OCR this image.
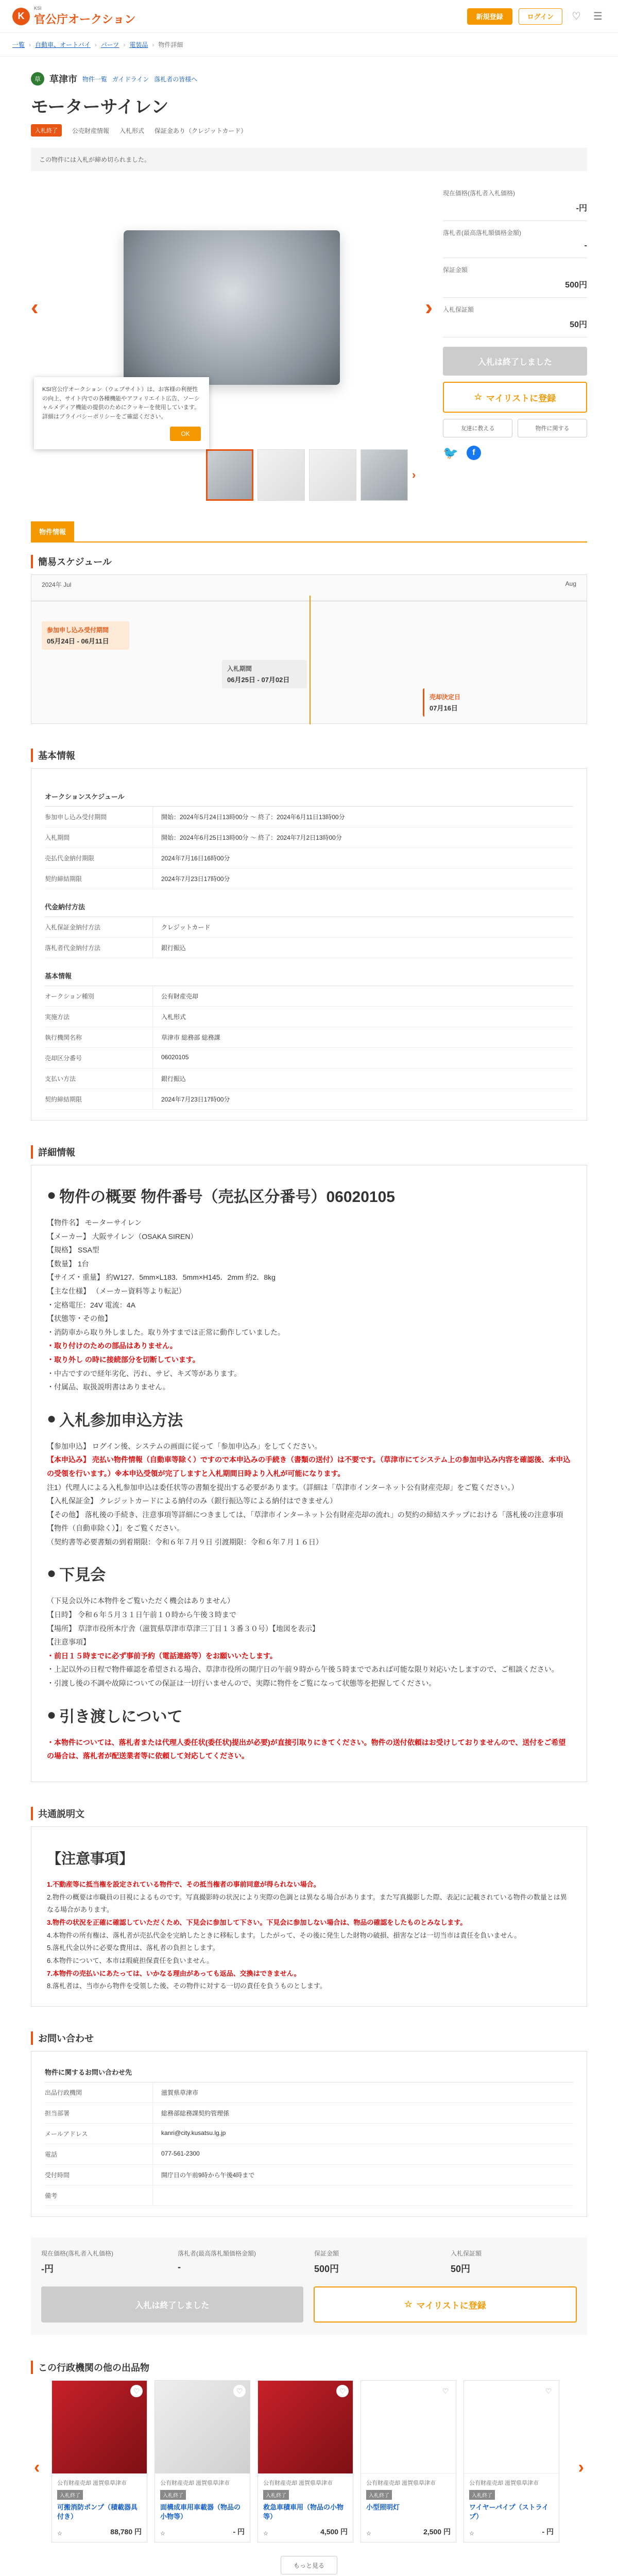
K
KSI
官公庁オークション	新規登録	ログイン	♡	☰
一覧 › 自動車、オートバイ › パーツ › 電装品 › 物件詳細
草 草津市 物件一覧 ガイドライン 落札者の皆様へ
モーターサイレン
入札終了	公売財産情報 入札形式 保証金あり（クレジットカード）
この物件には入札が締め切られました。
‹	›
›

KSI官公庁オークション（ウェブサイト）は、お客様の利便性の向上、サイト内での各種機能やアフィリエイト広告、ソーシャルメディア機能の提供のためにクッキーを使用しています。詳細はプライバシーポリシーをご確認ください。

OK
現在価格(落札者入札価格)
-円
落札者(最高落札額価格金額)
-
保証金額
500円
入札保証額
50円
入札は終了しました
☆ マイリストに登録
友達に教える	物件に関する
🐦	f
物件情報
簡易スケジュール
2024年 Jul	Aug
参加申し込み受付期間
05月24日 - 06月11日
入札期間
06月25日 - 07月02日
売却決定日
07月16日
基本情報
オークションスケジュール
参加申し込み受付期間	開始：2024年5月24日13時00分 ～ 終了：2024年6月11日13時00分
入札期間	開始：2024年6月25日13時00分 ～ 終了：2024年7月2日13時00分
売払代金納付期限	2024年7月16日16時00分
契約締結期限	2024年7月23日17時00分
代金納付方法
入札保証金納付方法	クレジットカード
落札者代金納付方法	銀行振込
基本情報
オークション種別	公有財産売却
実施方法	入札形式
執行機関名称	草津市 総務部 総務課
売却区分番号	06020105
支払い方法	銀行振込
契約締結期限	2024年7月23日17時00分
詳細情報
● 物件の概要 物件番号（売払区分番号）06020105
【物件名】 モーターサイレン
【メーカー】 大阪サイレン（OSAKA SIREN）
【規格】 SSA型
【数量】 1台
【サイズ・重量】 約W127．5mm×L183．5mm×H145．2mm 約2．8kg
【主な仕様】 （メーカー資料等より転記）
・定格電圧：24V 電流：4A
【状態等・その他】
・消防車から取り外しました。取り外すまでは正常に動作していました。
・取り付けのための部品はありません。
・取り外し の時に接続部分を切断しています。
・中古ですので経年劣化、汚れ、サビ、キズ等があります。
・付属品、取扱説明書はありません。
● 入札参加申込方法
【参加申込】 ログイン後、システムの画面に従って「参加申込み」をしてください。
【本申込み】 売払い物件情報（自動車等除く）ですので本申込みの手続き（書類の送付）は不要です。（草津市にてシステム上の参加申込み内容を確認後、本申込の受領を行います。）※本申込受領が完了しますと入札期間日時より入札が可能になります。
注1）代理人による入札参加申込は委任状等の書類を提出する必要があります。（詳細は「草津市インターネット公有財産売却」をご覧ください。）
【入札保証金】 クレジットカードによる納付のみ（銀行振込等による納付はできません）
【その他】 落札後の手続き、注意事項等詳細につきましては、「草津市インターネット公有財産売却の流れ」の契約の締結ステップにおける「落札後の注意事項【物件（自動車除く）】」をご覧ください。
（契約書等必要書類の到着期限：令和６年７月９日 引渡期限：令和６年７月１６日）
● 下見会
（下見会以外に本物件をご覧いただく機会はありません）
【日時】 令和６年５月３１日午前１０時から午後３時まで
【場所】 草津市役所本庁舎（滋賀県草津市草津三丁目１３番３０号）【地図を表示】
【注意事項】
・前日１５時までに必ず事前予約（電話連絡等）をお願いいたします。
・上記以外の日程で物件確認を希望される場合、草津市役所の開庁日の午前９時から午後５時までであれば可能な限り対応いたしますので、ご相談ください。
・引渡し後の不調や故障についての保証は一切行いませんので、実際に物件をご覧になって状態等を把握してください。
● 引き渡しについて
・本物件については、落札者または代理人委任状(委任状)提出が必要)が直接引取りにきてください。物件の送付依頼はお受けしておりませんので、送付をご希望の場合は、落札者が配送業者等に依頼して対応してください。
共通説明文
【注意事項】
1.不動産等に抵当権を設定されている物件で、その抵当権者の事前同意が得られない場合。
2.物件の概要は市職員の目視によるものです。写真撮影時の状況により実際の色調とは異なる場合があります。また写真撮影した際、表記に記載されている物件の数量とは異なる場合があります。
3.物件の状況を正確に確認していただくため、下見会に参加して下さい。下見会に参加しない場合は、物品の確認をしたものとみなします。
4.本物件の所有権は、落札者が売払代金を完納したときに移転します。したがって、その後に発生した財物の破損、損害などは一切当市は責任を負いません。
5.落札代金以外に必要な費用は、落札者の負担とします。
6.本物件について、本市は瑕疵担保責任を負いません。
7.本物件の売払いにあたっては、いかなる理由があっても返品、交換はできません。
8.落札者は、当市から物件を受領した後、その物件に対する一切の責任を負うものとします。
お問い合わせ
物件に関するお問い合わせ先
出品行政機関	滋賀県草津市
担当部署	総務部総務課契約管理係
メールアドレス	kanri@city.kusatsu.lg.jp
電話	077-561-2300
受付時間	開庁日の午前9時から午後4時まで
備考
現在価格(落札者入札価格)
-円
落札者(最高落札額価格金額)
-
保証金額
500円
入札保証額
50円
入札は終了しました	☆ マイリストに登録
この行政機関の他の出品物
‹
♡
公有財産売却 滋賀県草津市
入札終了
可搬消防ポンプ（積載器具付き）
☆	88,780 円
♡
公有財産売却 滋賀県草津市
入札終了
面構成車用車載器（物品の小物等）
☆	- 円
♡
公有財産売却 滋賀県草津市
入札終了
救急車積車用（物品の小物等）
☆	4,500 円
♡
公有財産売却 滋賀県草津市
入札終了
小型照明灯
☆	2,500 円
♡
公有財産売却 滋賀県草津市
入札終了
ワイヤーパイプ（ストライプ）
☆	- 円
›
もっと見る
